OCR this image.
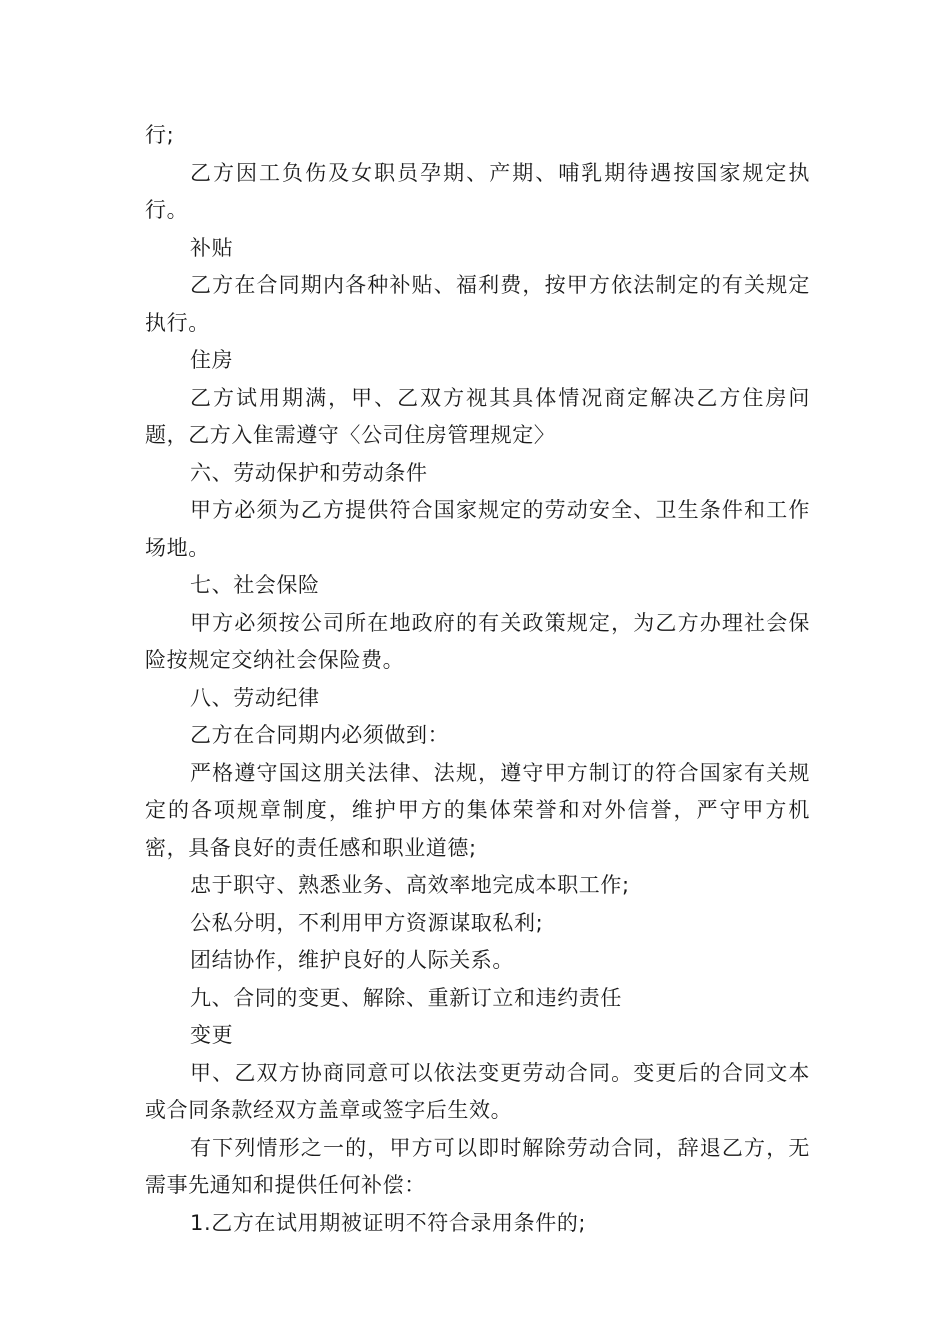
行;

乙方因工负伤及女职员孕期、产期、哺乳期待遇按国家规定执行。

补贴

乙方在合同期内各种补贴、福利费，按甲方依法制定的有关规定执行。

住房

乙方试用期满，甲、乙双方视其具体情况商定解决乙方住房问题，乙方入隹需遵守〈公司住房管理规定〉

六、劳动保护和劳动条件

甲方必须为乙方提供符合国家规定的劳动安全、卫生条件和工作场地。

七、社会保险

甲方必须按公司所在地政府的有关政策规定，为乙方办理社会保险按规定交纳社会保险费。

八、劳动纪律

乙方在合同期内必须做到：

严格遵守国这朋关法律、法规，遵守甲方制订的符合国家有关规定的各项规章制度，维护甲方的集体荣誉和对外信誉，严守甲方机密，具备良好的责任感和职业道德;

忠于职守、熟悉业务、高效率地完成本职工作;

公私分明，不利用甲方资源谋取私利;

团结协作，维护良好的人际关系。

九、合同的变更、解除、重新订立和违约责任

变更

甲、乙双方协商同意可以依法变更劳动合同。变更后的合同文本或合同条款经双方盖章或签字后生效。

有下列情形之一的，甲方可以即时解除劳动合同，辞退乙方，无需事先通知和提供任何补偿：

1.乙方在试用期被证明不符合录用条件的;
